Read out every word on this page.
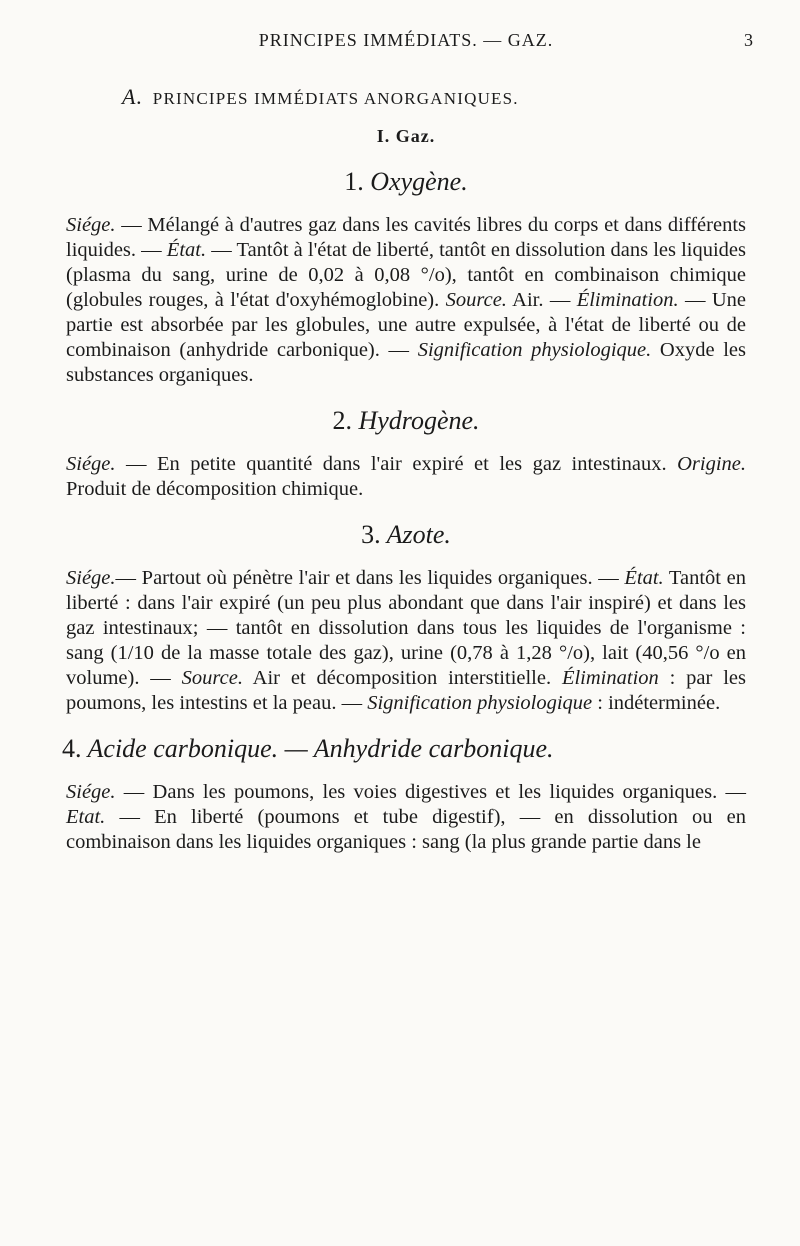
PRINCIPES IMMÉDIATS. — GAZ.	3
A. PRINCIPES IMMÉDIATS ANORGANIQUES.
I. Gaz.
1. Oxygène.

Siége. — Mélangé à d'autres gaz dans les cavités libres du corps et dans différents liquides. — État. — Tantôt à l'état de liberté, tantôt en dissolution dans les liquides (plasma du sang, urine de 0,02 à 0,08 °/o), tantôt en combinaison chimique (globules rouges, à l'état d'oxyhémoglobine). Source. Air. — Élimination. — Une partie est absorbée par les globules, une autre expulsée, à l'état de liberté ou de combinaison (anhydride carbonique). — Signification physiologique. Oxyde les substances organiques.

2. Hydrogène.

Siége. — En petite quantité dans l'air expiré et les gaz intestinaux. Origine. Produit de décomposition chimique.

3. Azote.

Siége.— Partout où pénètre l'air et dans les liquides organiques. — État. Tantôt en liberté : dans l'air expiré (un peu plus abondant que dans l'air inspiré) et dans les gaz intestinaux; — tantôt en dissolution dans tous les liquides de l'organisme : sang (1/10 de la masse totale des gaz), urine (0,78 à 1,28 °/o), lait (40,56 °/o en volume). — Source. Air et décomposition interstitielle. Élimination : par les poumons, les intestins et la peau. — Signification physiologique : indéterminée.

4. Acide carbonique. — Anhydride carbonique.

Siége. — Dans les poumons, les voies digestives et les liquides organiques. — Etat. — En liberté (poumons et tube digestif), — en dissolution ou en combinaison dans les liquides organiques : sang (la plus grande partie dans le
